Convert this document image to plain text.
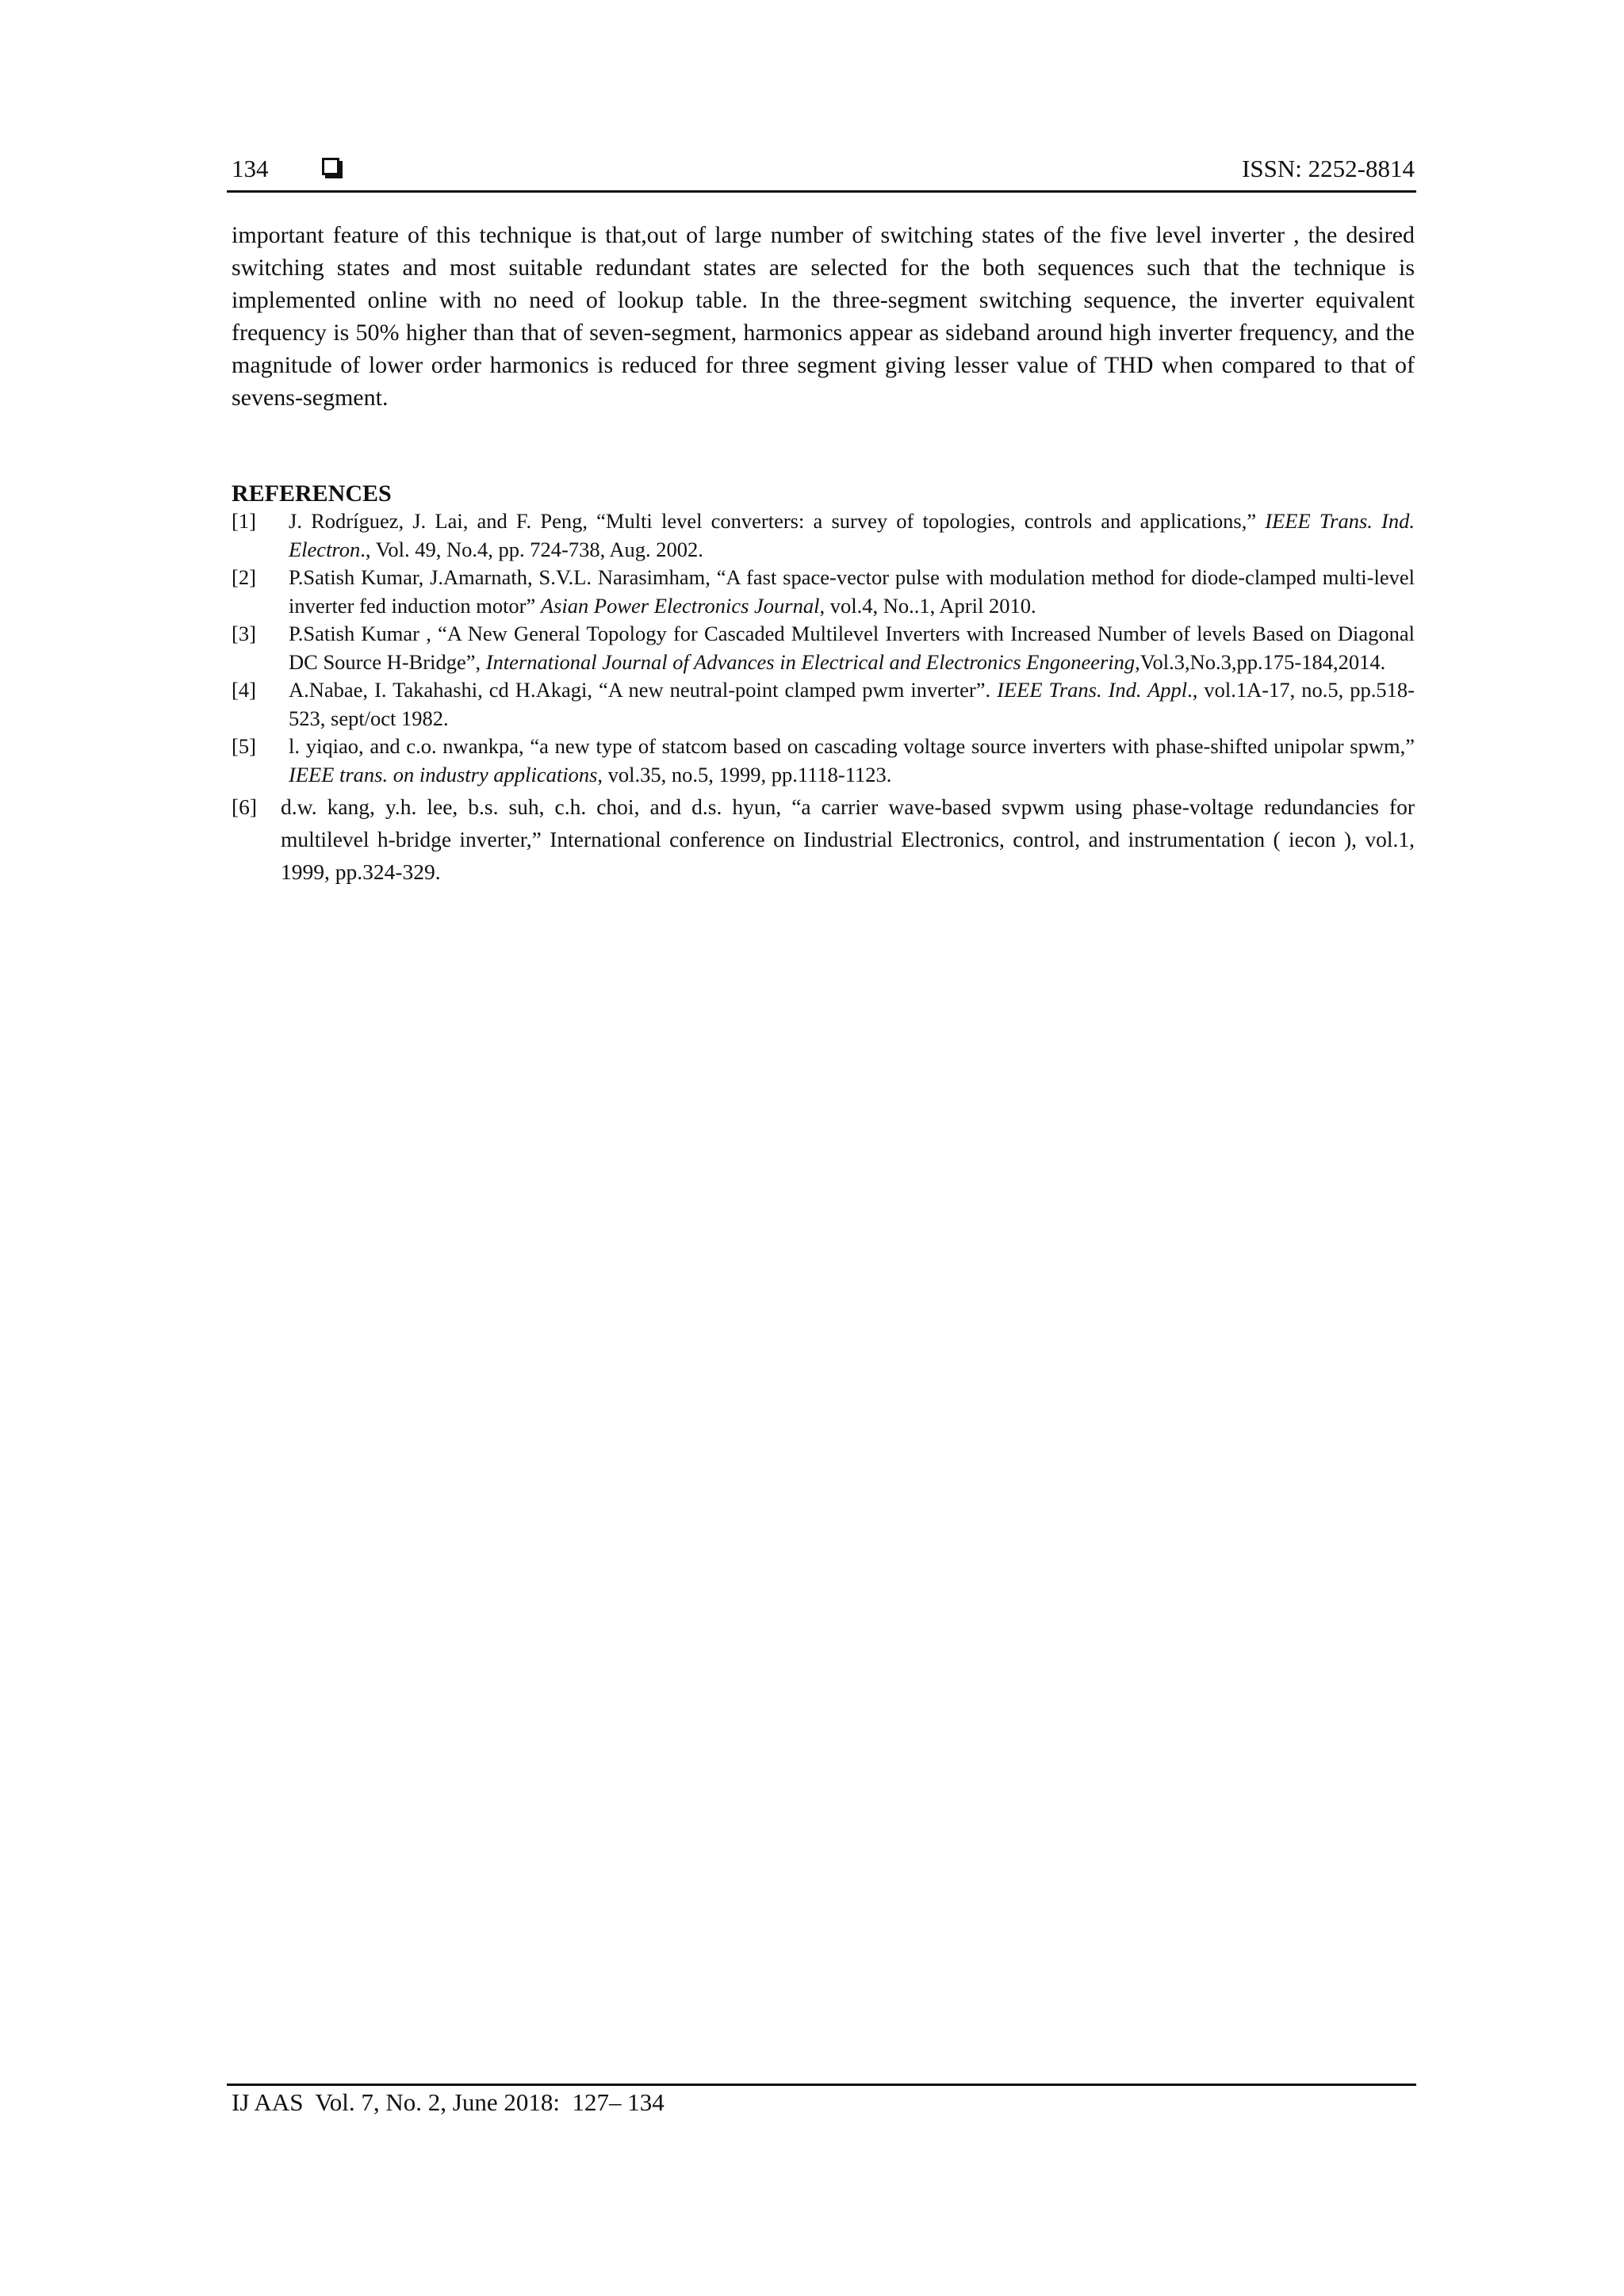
134	ISSN: 2252-8814

important feature of this technique is that,out of large number of switching states of the five level inverter , the desired switching states and most suitable redundant states are selected for the both sequences such that the technique is implemented online with no need of lookup table. In the three-segment switching sequence, the inverter equivalent frequency is 50% higher than that of seven-segment, harmonics appear as sideband around high inverter frequency, and the magnitude of lower order harmonics is reduced for three segment giving lesser value of THD when compared to that of sevens-segment.

REFERENCES
[1] J. Rodríguez, J. Lai, and F. Peng, “Multi level converters: a survey of topologies, controls and applications,” IEEE Trans. Ind. Electron., Vol. 49, No.4, pp. 724-738, Aug. 2002.
[2] P.Satish Kumar, J.Amarnath, S.V.L. Narasimham, “A fast space-vector pulse with modulation method for diode-clamped multi-level inverter fed induction motor” Asian Power Electronics Journal, vol.4, No..1, April 2010.
[3] P.Satish Kumar , “A New General Topology for Cascaded Multilevel Inverters with Increased Number of levels Based on Diagonal DC Source H-Bridge”, International Journal of Advances in Electrical and Electronics Engoneering,Vol.3,No.3,pp.175-184,2014.
[4] A.Nabae, I. Takahashi, cd H.Akagi, “A new neutral-point clamped pwm inverter”. IEEE Trans. Ind. Appl., vol.1A-17, no.5, pp.518-523, sept/oct 1982.
[5] l. yiqiao, and c.o. nwankpa, “a new type of statcom based on cascading voltage source inverters with phase-shifted unipolar spwm,” IEEE trans. on industry applications, vol.35, no.5, 1999, pp.1118-1123.
[6] d.w. kang, y.h. lee, b.s. suh, c.h. choi, and d.s. hyun, “a carrier wave-based svpwm using phase-voltage redundancies for multilevel h-bridge inverter,” International conference on Iindustrial Electronics, control, and instrumentation ( iecon ), vol.1, 1999, pp.324-329.
IJ AAS  Vol. 7, No. 2, June 2018:  127– 134
